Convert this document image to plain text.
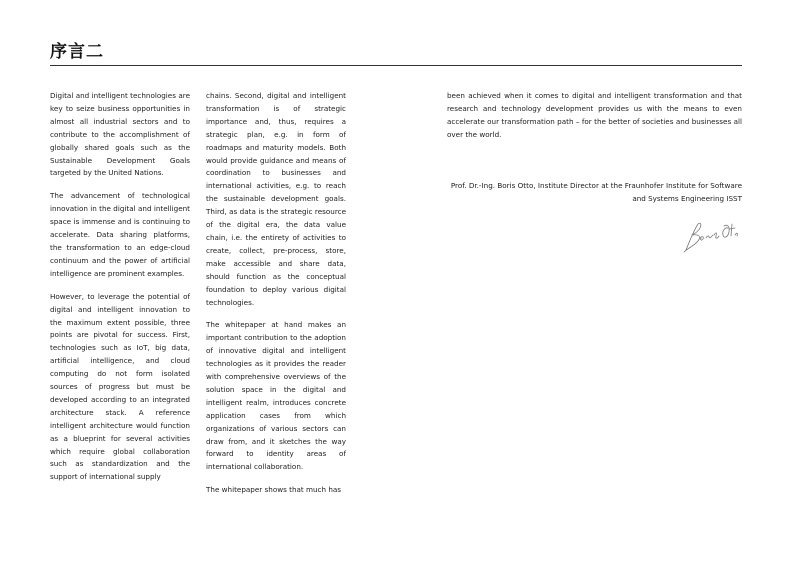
序言二

Digital and intelligent technologies are key to seize business opportunities in almost all industrial sectors and to contribute to the accomplishment of globally shared goals such as the Sustainable Development Goals targeted by the United Nations.

The advancement of technological innovation in the digital and intelligent space is immense and is continuing to accelerate. Data sharing platforms, the transformation to an edge-cloud continuum and the power of artificial intelligence are prominent examples.

However, to leverage the potential of digital and intelligent innovation to the maximum extent possible, three points are pivotal for success. First, technologies such as IoT, big data, artificial intelligence, and cloud computing do not form isolated sources of progress but must be developed according to an integrated architecture stack. A reference intelligent architecture would function as a blueprint for several activities which require global collaboration such as standardization and the support of international supply

chains. Second, digital and intelligent transformation is of strategic importance and, thus, requires a strategic plan, e.g. in form of roadmaps and maturity models. Both would provide guidance and means of coordination to businesses and international activities, e.g. to reach the sustainable development goals. Third, as data is the strategic resource of the digital era, the data value chain, i.e. the entirety of activities to create, collect, pre-process, store, make accessible and share data, should function as the conceptual foundation to deploy various digital technologies.

The whitepaper at hand makes an important contribution to the adoption of innovative digital and intelligent technologies as it provides the reader with comprehensive overviews of the solution space in the digital and intelligent realm, introduces concrete application cases from which organizations of various sectors can draw from, and it sketches the way forward to identity areas of international collaboration.

The whitepaper shows that much has

been achieved when it comes to digital and intelligent transformation and that research and technology development provides us with the means to even accelerate our transformation path – for the better of societies and businesses all over the world.

Prof. Dr.-Ing. Boris Otto, Institute Director at the Fraunhofer Institute for Software and Systems Engineering ISST
